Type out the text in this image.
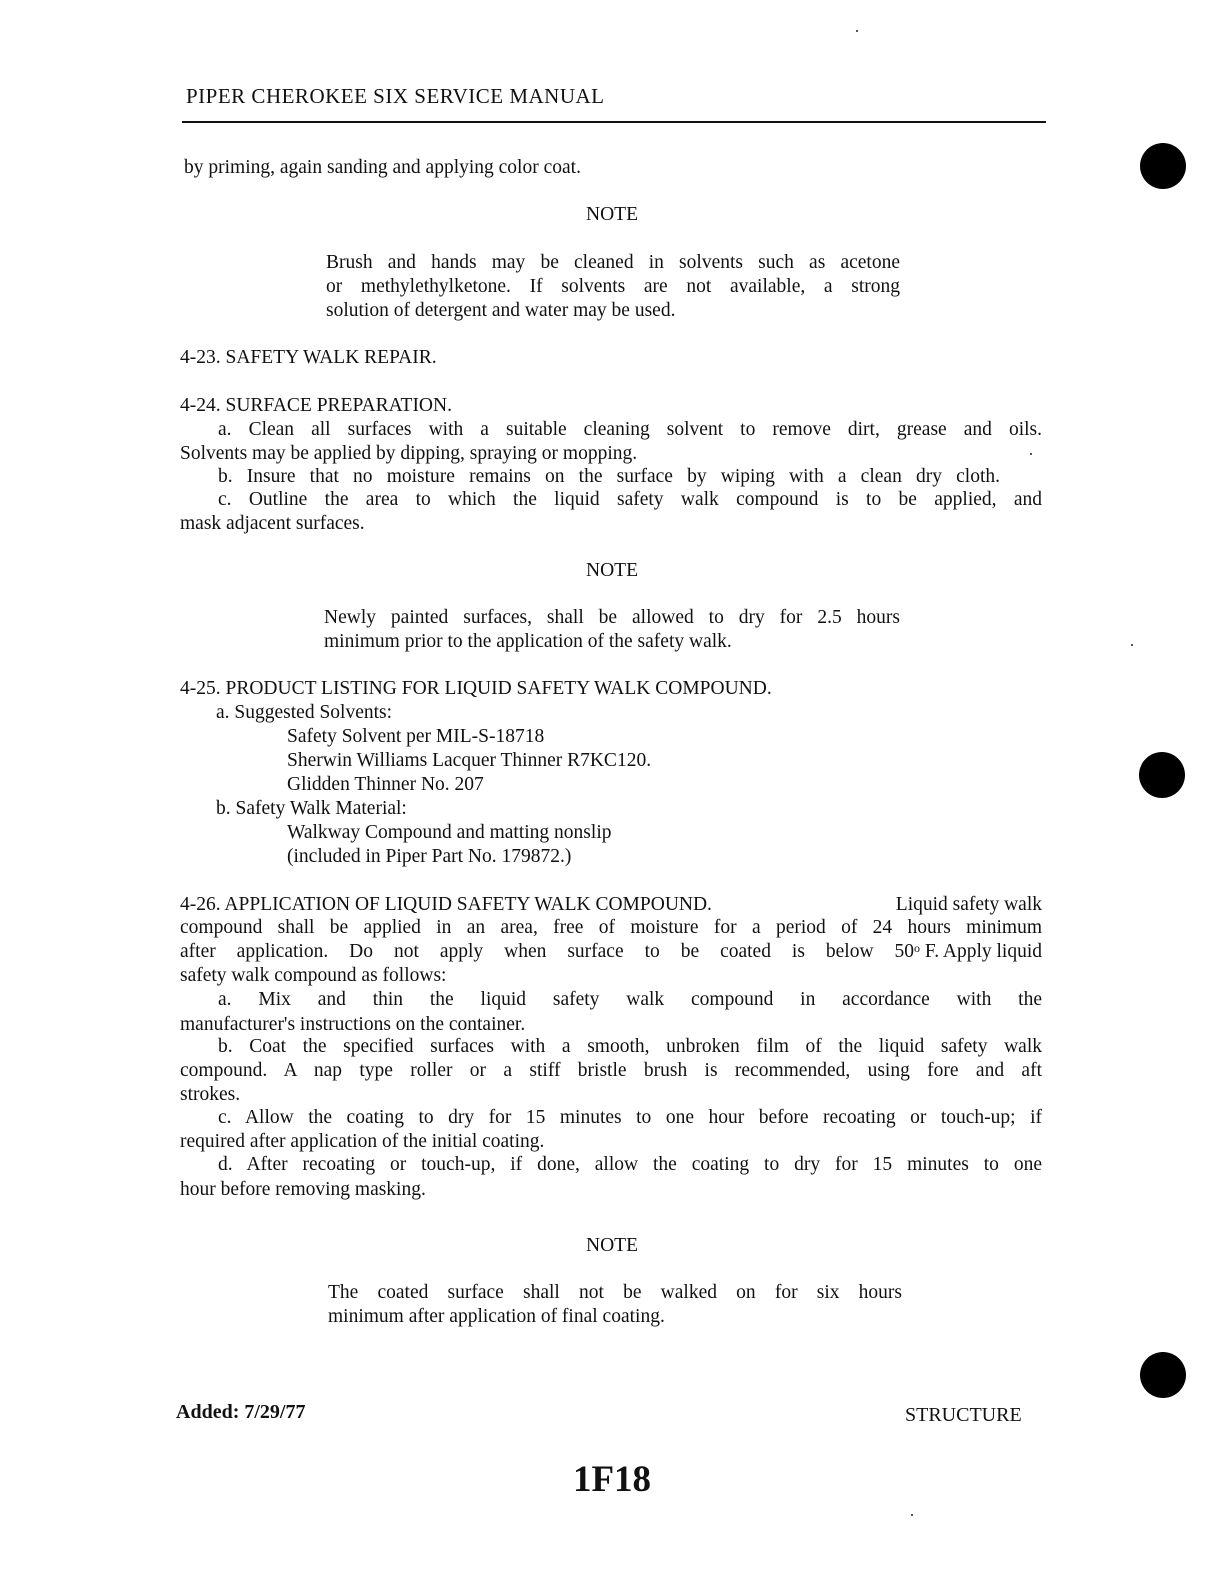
PIPER CHEROKEE SIX SERVICE MANUAL
by priming, again sanding and applying color coat.
NOTE
Brush and hands may be cleaned in solvents such as acetone
or methylethylketone. If solvents are not available, a strong
solution of detergent and water may be used.
4-23. SAFETY WALK REPAIR.
4-24. SURFACE PREPARATION.
a. Clean all surfaces with a suitable cleaning solvent to remove dirt, grease and oils.
Solvents may be applied by dipping, spraying or mopping.
b. Insure that no moisture remains on the surface by wiping with a clean dry cloth.
c. Outline the area to which the liquid safety walk compound is to be applied, and
mask adjacent surfaces.
NOTE
Newly painted surfaces, shall be allowed to dry for 2.5 hours
minimum prior to the application of the safety walk.
4-25. PRODUCT LISTING FOR LIQUID SAFETY WALK COMPOUND.
a. Suggested Solvents:
Safety Solvent per MIL-S-18718
Sherwin Williams Lacquer Thinner R7KC120.
Glidden Thinner No. 207
b. Safety Walk Material:
Walkway Compound and matting nonslip
(included in Piper Part No. 179872.)
4-26. APPLICATION OF LIQUID SAFETY WALK COMPOUND.	Liquid safety walk
compound shall be applied in an area, free of moisture for a period of 24 hours minimum
after application. Do not apply when surface to be coated is below 50$^o$ F. Apply liquid
safety walk compound as follows:
a. Mix and thin the liquid safety walk compound in accordance with the
manufacturer's instructions on the container.
b. Coat the specified surfaces with a smooth, unbroken film of the liquid safety walk
compound. A nap type roller or a stiff bristle brush is recommended, using fore and aft
strokes.
c. Allow the coating to dry for 15 minutes to one hour before recoating or touch-up; if
required after application of the initial coating.
d. After recoating or touch-up, if done, allow the coating to dry for 15 minutes to one
hour before removing masking.
NOTE
The coated surface shall not be walked on for six hours
minimum after application of final coating.
Added: 7/29/77	STRUCTURE
1F18
